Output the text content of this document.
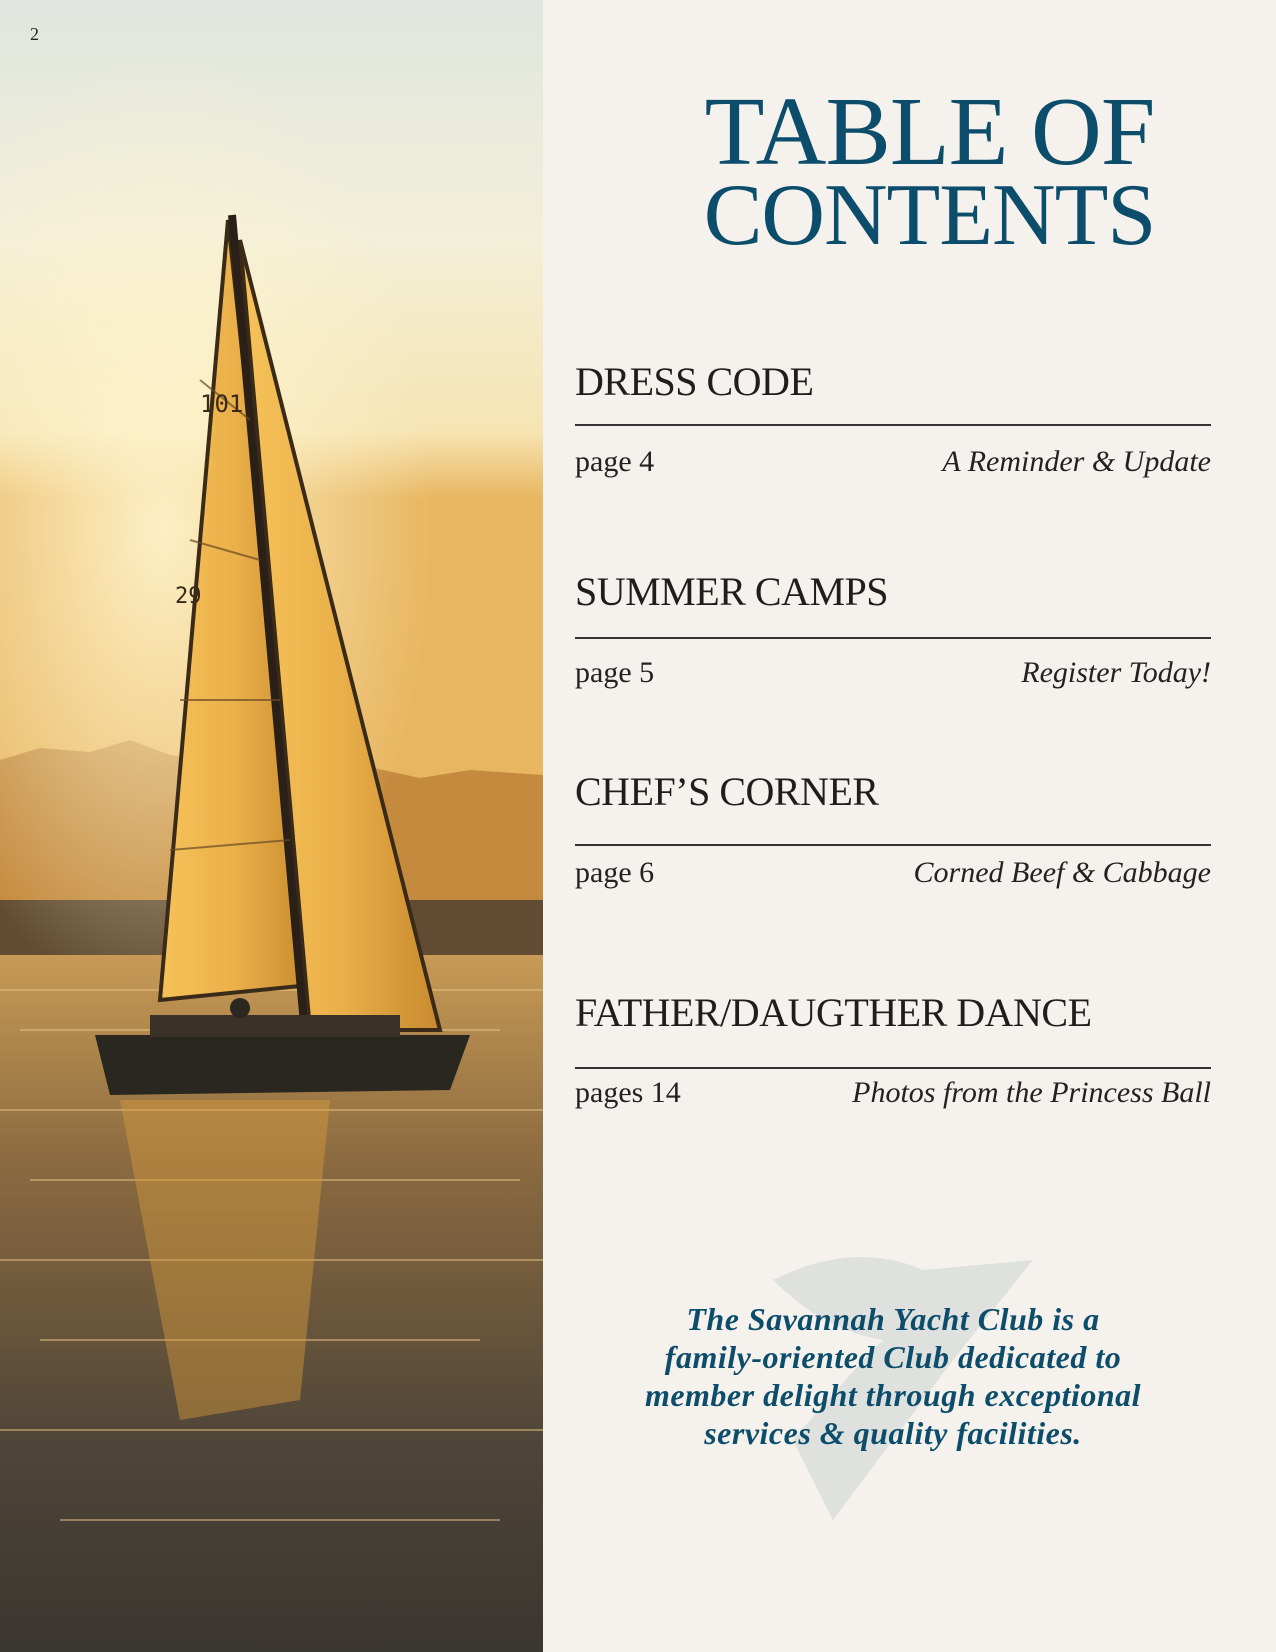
29
101
2
TABLE OF
CONTENTS
DRESS CODE
page 4	A Reminder & Update
SUMMER CAMPS
page 5	Register Today!
CHEF’S CORNER
page 6	Corned Beef & Cabbage
FATHER/DAUGTHER DANCE
pages 14	Photos from the Princess Ball
The Savannah Yacht Club is a
family-oriented Club dedicated to
member delight through exceptional
services & quality facilities.
